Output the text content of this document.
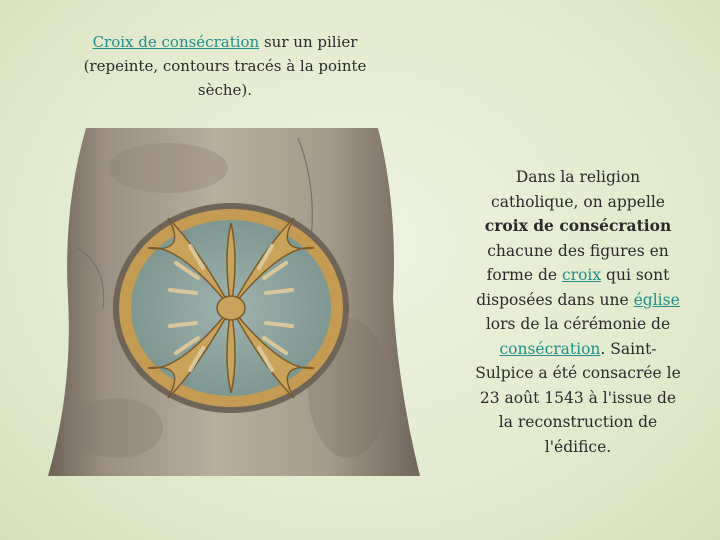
Croix de consécration sur un pilier (repeinte, contours tracés à la pointe sèche).
Dans la religion catholique, on appelle croix de consécration chacune des figures en forme de croix qui sont disposées dans une église lors de la cérémonie de consécration. Saint-Sulpice a été consacrée le 23 août 1543 à l'issue de la reconstruction de l'édifice.
